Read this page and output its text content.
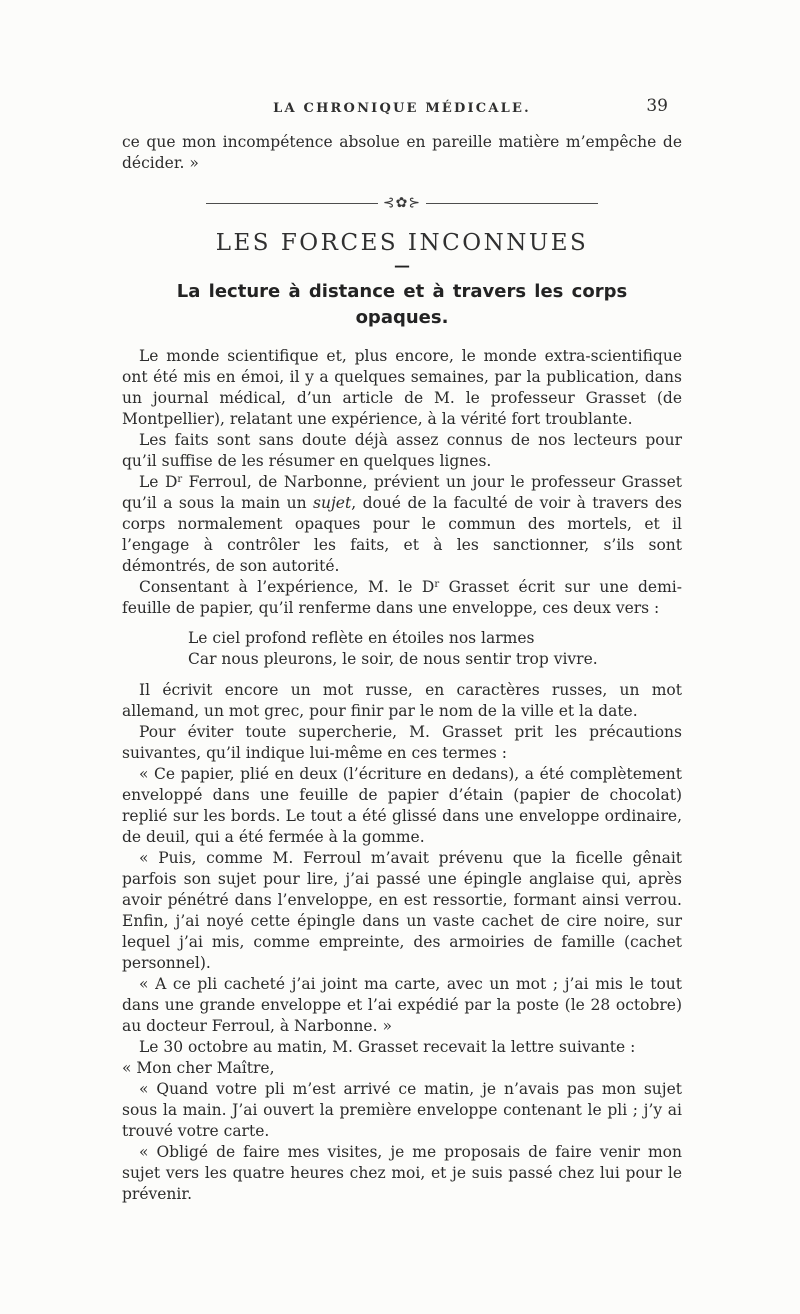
LA CHRONIQUE MÉDICALE.	39

ce que mon incompétence absolue en pareille matière m’empêche de décider. »

⊰✿⊱
LES FORCES INCONNUES
—
La lecture à distance et à travers les corps opaques.

Le monde scientifique et, plus encore, le monde extra-scientifique ont été mis en émoi, il y a quelques semaines, par la publication, dans un journal médical, d’un article de M. le professeur Grasset (de Montpellier), relatant une expérience, à la vérité fort troublante.

Les faits sont sans doute déjà assez connus de nos lecteurs pour qu’il suffise de les résumer en quelques lignes.

Le $D^r$ Ferroul, de Narbonne, prévient un jour le professeur Grasset qu’il a sous la main un sujet, doué de la faculté de voir à travers des corps normalement opaques pour le commun des mortels, et il l’engage à contrôler les faits, et à les sanctionner, s’ils sont démontrés, de son autorité.

Consentant à l’expérience, M. le $D^r$ Grasset écrit sur une demi-feuille de papier, qu’il renferme dans une enveloppe, ces deux vers :

Le ciel profond reflète en étoiles nos larmes
Car nous pleurons, le soir, de nous sentir trop vivre.

Il écrivit encore un mot russe, en caractères russes, un mot allemand, un mot grec, pour finir par le nom de la ville et la date.

Pour éviter toute supercherie, M. Grasset prit les précautions suivantes, qu’il indique lui-même en ces termes :

« Ce papier, plié en deux (l’écriture en dedans), a été complètement enveloppé dans une feuille de papier d’étain (papier de chocolat) replié sur les bords. Le tout a été glissé dans une enveloppe ordinaire, de deuil, qui a été fermée à la gomme.

« Puis, comme M. Ferroul m’avait prévenu que la ficelle gênait parfois son sujet pour lire, j’ai passé une épingle anglaise qui, après avoir pénétré dans l’enveloppe, en est ressortie, formant ainsi verrou. Enfin, j’ai noyé cette épingle dans un vaste cachet de cire noire, sur lequel j’ai mis, comme empreinte, des armoiries de famille (cachet personnel).

« A ce pli cacheté j’ai joint ma carte, avec un mot ; j’ai mis le tout dans une grande enveloppe et l’ai expédié par la poste (le 28 octobre) au docteur Ferroul, à Narbonne. »

Le 30 octobre au matin, M. Grasset recevait la lettre suivante :

« Mon cher Maître,

« Quand votre pli m’est arrivé ce matin, je n’avais pas mon sujet sous la main. J’ai ouvert la première enveloppe contenant le pli ; j’y ai trouvé votre carte.

« Obligé de faire mes visites, je me proposais de faire venir mon sujet vers les quatre heures chez moi, et je suis passé chez lui pour le prévenir.
